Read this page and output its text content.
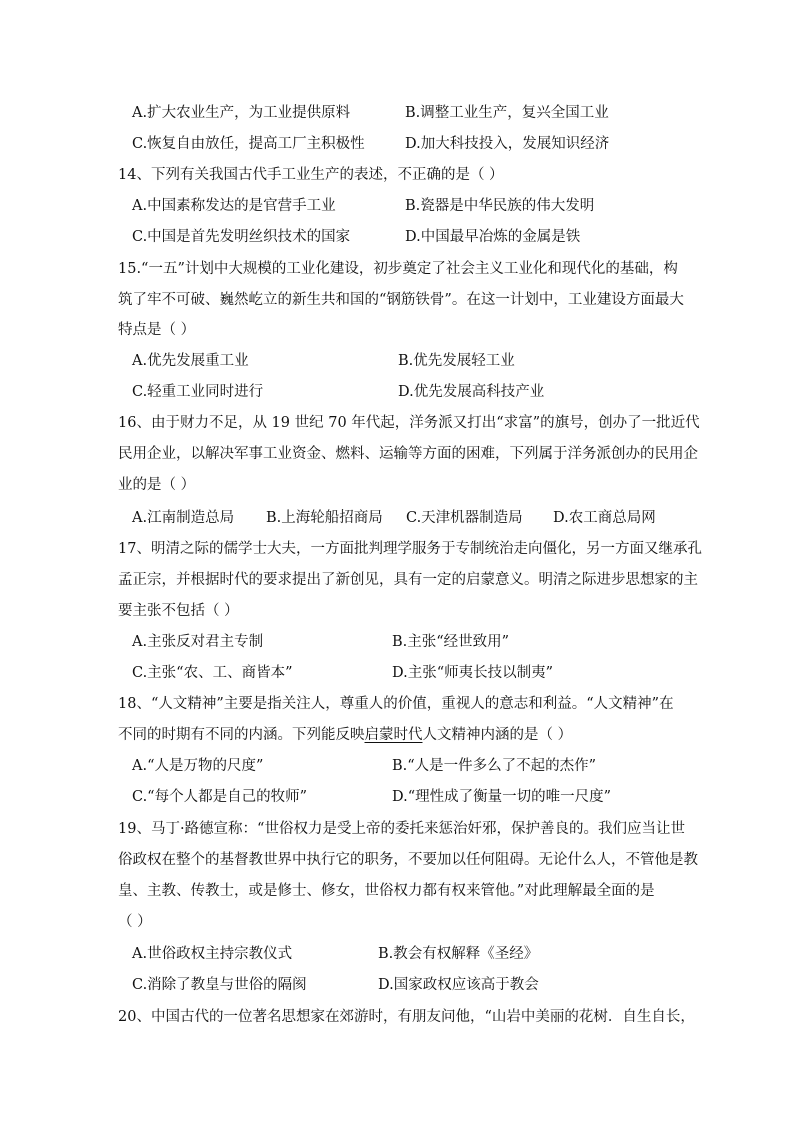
A.扩大农业生产，为工业提供原料	B.调整工业生产，复兴全国工业
C.恢复自由放任，提高工厂主积极性	D.加大科技投入，发展知识经济
14、下列有关我国古代手工业生产的表述，不正确的是（ ）
A.中国素称发达的是官营手工业	B.瓷器是中华民族的伟大发明
C.中国是首先发明丝织技术的国家	D.中国最早冶炼的金属是铁
15.“一五”计划中大规模的工业化建设，初步奠定了社会主义工业化和现代化的基础，构
筑了牢不可破、巍然屹立的新生共和国的“钢筋铁骨”。在这一计划中，工业建设方面最大
特点是（ ）
A.优先发展重工业	B.优先发展轻工业
C.轻重工业同时进行	D.优先发展高科技产业
16、由于财力不足，从 19 世纪 70 年代起，洋务派又打出“求富”的旗号，创办了一批近代
民用企业，以解决军事工业资金、燃料、运输等方面的困难，下列属于洋务派创办的民用企
业的是（ ）
A.江南制造总局 B.上海轮船招商局 C.天津机器制造局 D.农工商总局网
17、明清之际的儒学士大夫，一方面批判理学服务于专制统治走向僵化，另一方面又继承孔
孟正宗，并根据时代的要求提出了新创见，具有一定的启蒙意义。明清之际进步思想家的主
要主张不包括（ ）
A.主张反对君主专制	B.主张“经世致用”
C.主张“农、工、商皆本”	D.主张“师夷长技以制夷”
18、“人文精神”主要是指关注人，尊重人的价值，重视人的意志和利益。“人文精神”在
不同的时期有不同的内涵。下列能反映启蒙时代人文精神内涵的是（ ）
A.“人是万物的尺度”	B.“人是一件多么了不起的杰作”
C.“每个人都是自己的牧师”	D.“理性成了衡量一切的唯一尺度”
19、马丁·路德宣称：“世俗权力是受上帝的委托来惩治奸邪，保护善良的。我们应当让世
俗政权在整个的基督教世界中执行它的职务，不要加以任何阻碍。无论什么人，不管他是教
皇、主教、传教士，或是修士、修女，世俗权力都有权来管他。”对此理解最全面的是
（ ）
A.世俗政权主持宗教仪式	B.教会有权解释《圣经》
C.消除了教皇与世俗的隔阂	D.国家政权应该高于教会
20、中国古代的一位著名思想家在郊游时，有朋友问他，“山岩中美丽的花树．自生自长，
